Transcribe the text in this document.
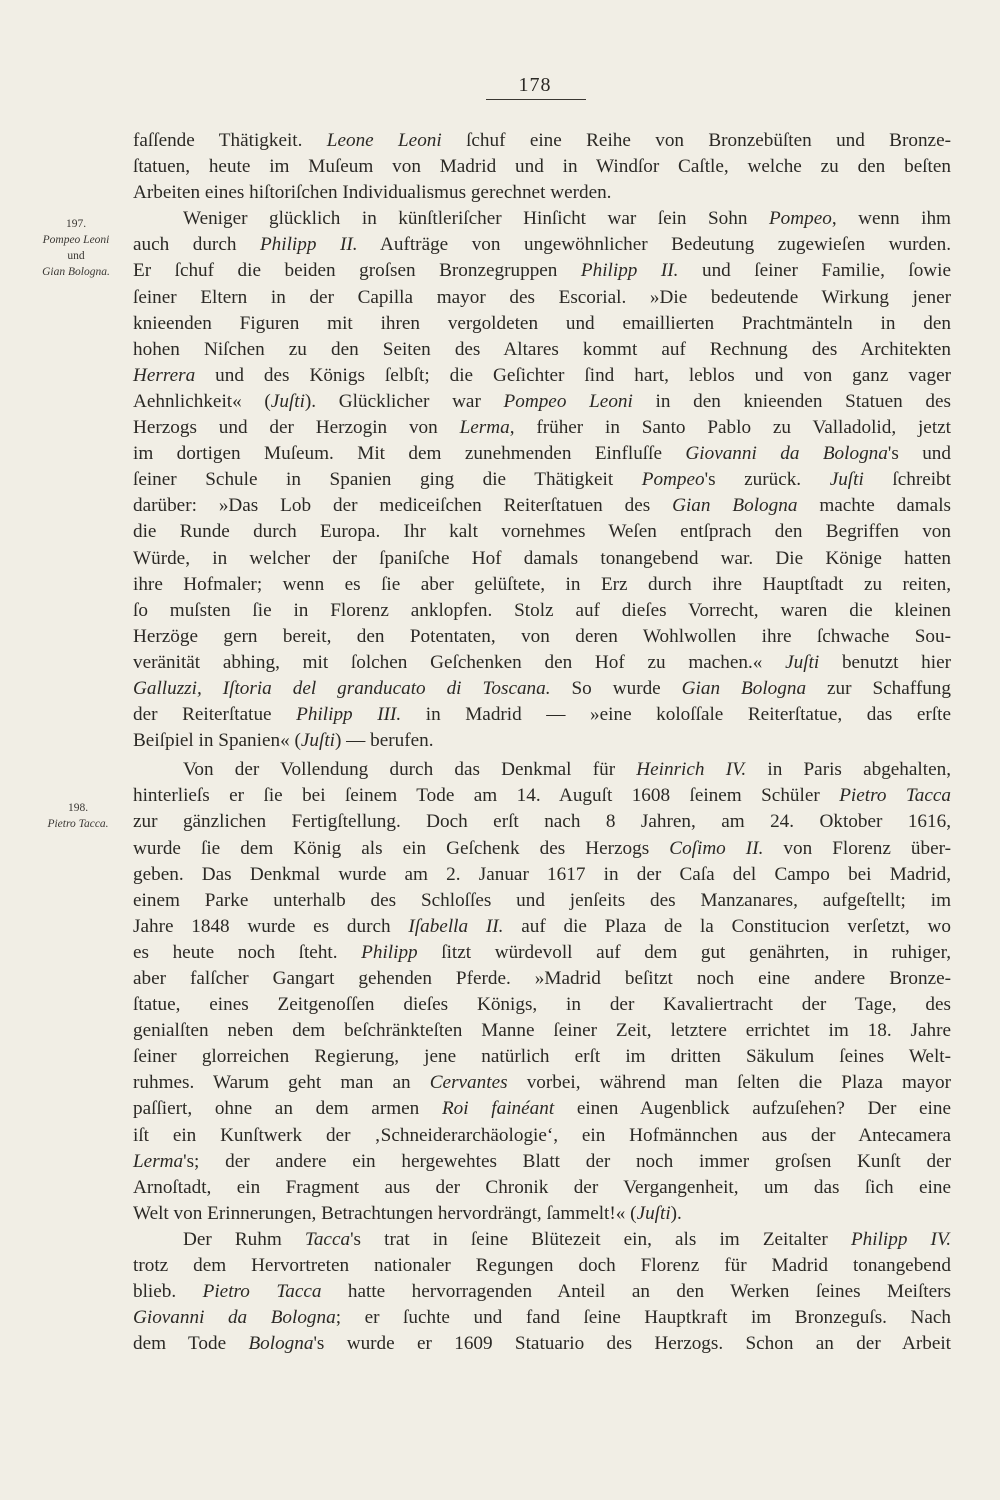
178
197.
Pompeo Leoni
und
Gian Bologna.
198.
Pietro Tacca.
faſſende Thätigkeit. Leone Leoni ſchuf eine Reihe von Bronzebüſten und Bronze-
ſtatuen, heute im Muſeum von Madrid und in Windſor Caſtle, welche zu den beſten
Arbeiten eines hiſtoriſchen Individualismus gerechnet werden.
Weniger glücklich in künſtleriſcher Hinſicht war ſein Sohn Pompeo, wenn ihm
auch durch Philipp II. Aufträge von ungewöhnlicher Bedeutung zugewieſen wurden.
Er ſchuf die beiden groſsen Bronzegruppen Philipp II. und ſeiner Familie, ſowie
ſeiner Eltern in der Capilla mayor des Escorial. »Die bedeutende Wirkung jener
knieenden Figuren mit ihren vergoldeten und emaillierten Prachtmänteln in den
hohen Niſchen zu den Seiten des Altares kommt auf Rechnung des Architekten
Herrera und des Königs ſelbſt; die Geſichter ſind hart, leblos und von ganz vager
Aehnlichkeit« (Juſti). Glücklicher war Pompeo Leoni in den knieenden Statuen des
Herzogs und der Herzogin von Lerma, früher in Santo Pablo zu Valladolid, jetzt
im dortigen Muſeum. Mit dem zunehmenden Einfluſſe Giovanni da Bologna's und
ſeiner Schule in Spanien ging die Thätigkeit Pompeo's zurück. Juſti ſchreibt
darüber: »Das Lob der mediceiſchen Reiterſtatuen des Gian Bologna machte damals
die Runde durch Europa. Ihr kalt vornehmes Weſen entſprach den Begriffen von
Würde, in welcher der ſpaniſche Hof damals tonangebend war. Die Könige hatten
ihre Hofmaler; wenn es ſie aber gelüſtete, in Erz durch ihre Hauptſtadt zu reiten,
ſo muſsten ſie in Florenz anklopfen. Stolz auf dieſes Vorrecht, waren die kleinen
Herzöge gern bereit, den Potentaten, von deren Wohlwollen ihre ſchwache Sou-
veränität abhing, mit ſolchen Geſchenken den Hof zu machen.« Juſti benutzt hier
Galluzzi, Iſtoria del granducato di Toscana. So wurde Gian Bologna zur Schaffung
der Reiterſtatue Philipp III. in Madrid — »eine koloſſale Reiterſtatue, das erſte
Beiſpiel in Spanien« (Juſti) — berufen.
Von der Vollendung durch das Denkmal für Heinrich IV. in Paris abgehalten,
hinterlieſs er ſie bei ſeinem Tode am 14. Auguſt 1608 ſeinem Schüler Pietro Tacca
zur gänzlichen Fertigſtellung. Doch erſt nach 8 Jahren, am 24. Oktober 1616,
wurde ſie dem König als ein Geſchenk des Herzogs Coſimo II. von Florenz über-
geben. Das Denkmal wurde am 2. Januar 1617 in der Caſa del Campo bei Madrid,
einem Parke unterhalb des Schloſſes und jenſeits des Manzanares, aufgeſtellt; im
Jahre 1848 wurde es durch Iſabella II. auf die Plaza de la Constitucion verſetzt, wo
es heute noch ſteht. Philipp ſitzt würdevoll auf dem gut genährten, in ruhiger,
aber falſcher Gangart gehenden Pferde. »Madrid beſitzt noch eine andere Bronze-
ſtatue, eines Zeitgenoſſen dieſes Königs, in der Kavaliertracht der Tage, des
genialſten neben dem beſchränkteſten Manne ſeiner Zeit, letztere errichtet im 18. Jahre
ſeiner glorreichen Regierung, jene natürlich erſt im dritten Säkulum ſeines Welt-
ruhmes. Warum geht man an Cervantes vorbei, während man ſelten die Plaza mayor
paſſiert, ohne an dem armen Roi fainéant einen Augenblick aufzuſehen? Der eine
iſt ein Kunſtwerk der ‚Schneiderarchäologie‘, ein Hofmännchen aus der Antecamera
Lerma's; der andere ein hergewehtes Blatt der noch immer groſsen Kunſt der
Arnoſtadt, ein Fragment aus der Chronik der Vergangenheit, um das ſich eine
Welt von Erinnerungen, Betrachtungen hervordrängt, ſammelt!« (Juſti).
Der Ruhm Tacca's trat in ſeine Blütezeit ein, als im Zeitalter Philipp IV.
trotz dem Hervortreten nationaler Regungen doch Florenz für Madrid tonangebend
blieb. Pietro Tacca hatte hervorragenden Anteil an den Werken ſeines Meiſters
Giovanni da Bologna; er ſuchte und fand ſeine Hauptkraft im Bronzeguſs. Nach
dem Tode Bologna's wurde er 1609 Statuario des Herzogs. Schon an der Arbeit
